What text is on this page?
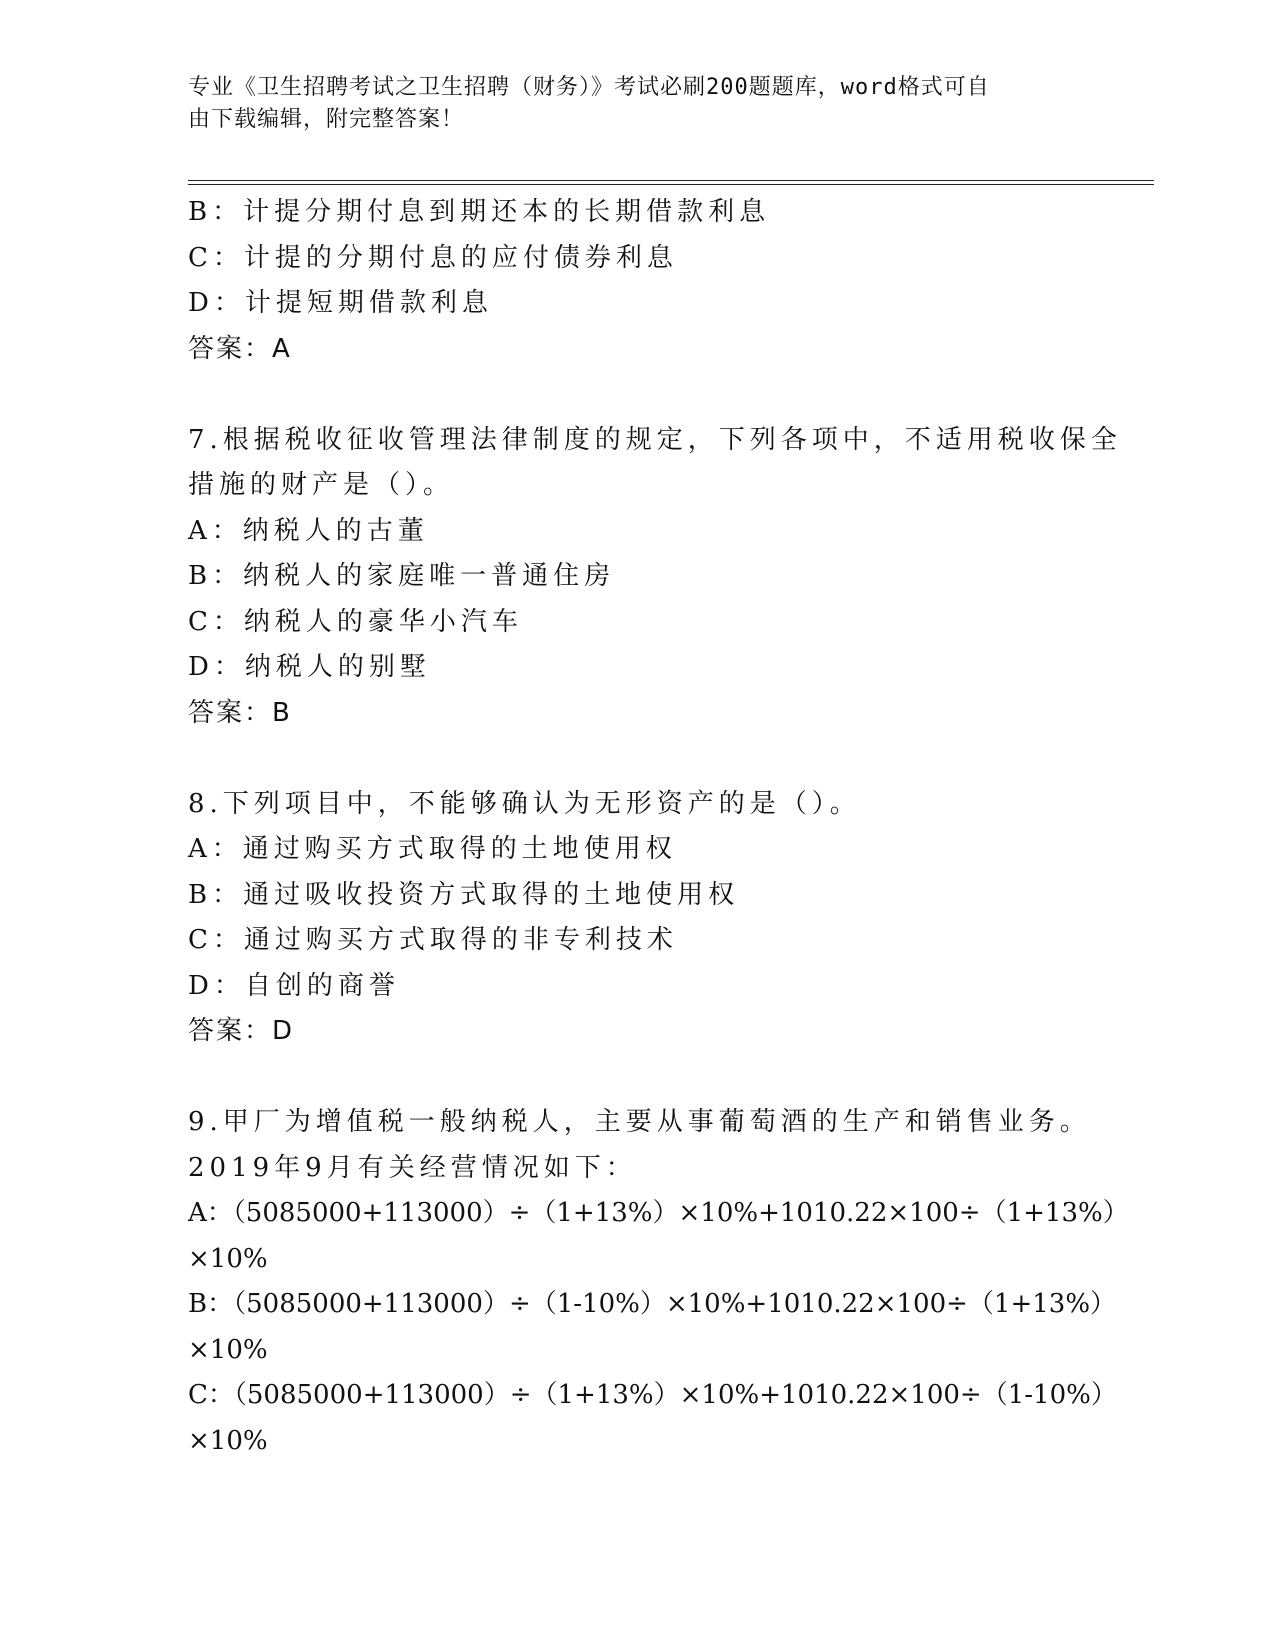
专业《卫生招聘考试之卫生招聘（财务）》考试必刷200题题库，word格式可自
由下载编辑，附完整答案！
B：计提分期付息到期还本的长期借款利息
C：计提的分期付息的应付债券利息
D：计提短期借款利息
答案：A
7.根据税收征收管理法律制度的规定，下列各项中，不适用税收保全
措施的财产是（）。
A：纳税人的古董
B：纳税人的家庭唯一普通住房
C：纳税人的豪华小汽车
D：纳税人的别墅
答案：B
8.下列项目中，不能够确认为无形资产的是（）。
A：通过购买方式取得的土地使用权
B：通过吸收投资方式取得的土地使用权
C：通过购买方式取得的非专利技术
D：自创的商誉
答案：D
9.甲厂为增值税一般纳税人，主要从事葡萄酒的生产和销售业务。
2019年9月有关经营情况如下：
A：（5085000+113000）÷（1+13%）×10%+1010.22×100÷（1+13%）
×10%
B：（5085000+113000）÷（1-10%）×10%+1010.22×100÷（1+13%）
×10%
C：（5085000+113000）÷（1+13%）×10%+1010.22×100÷（1-10%）
×10%
